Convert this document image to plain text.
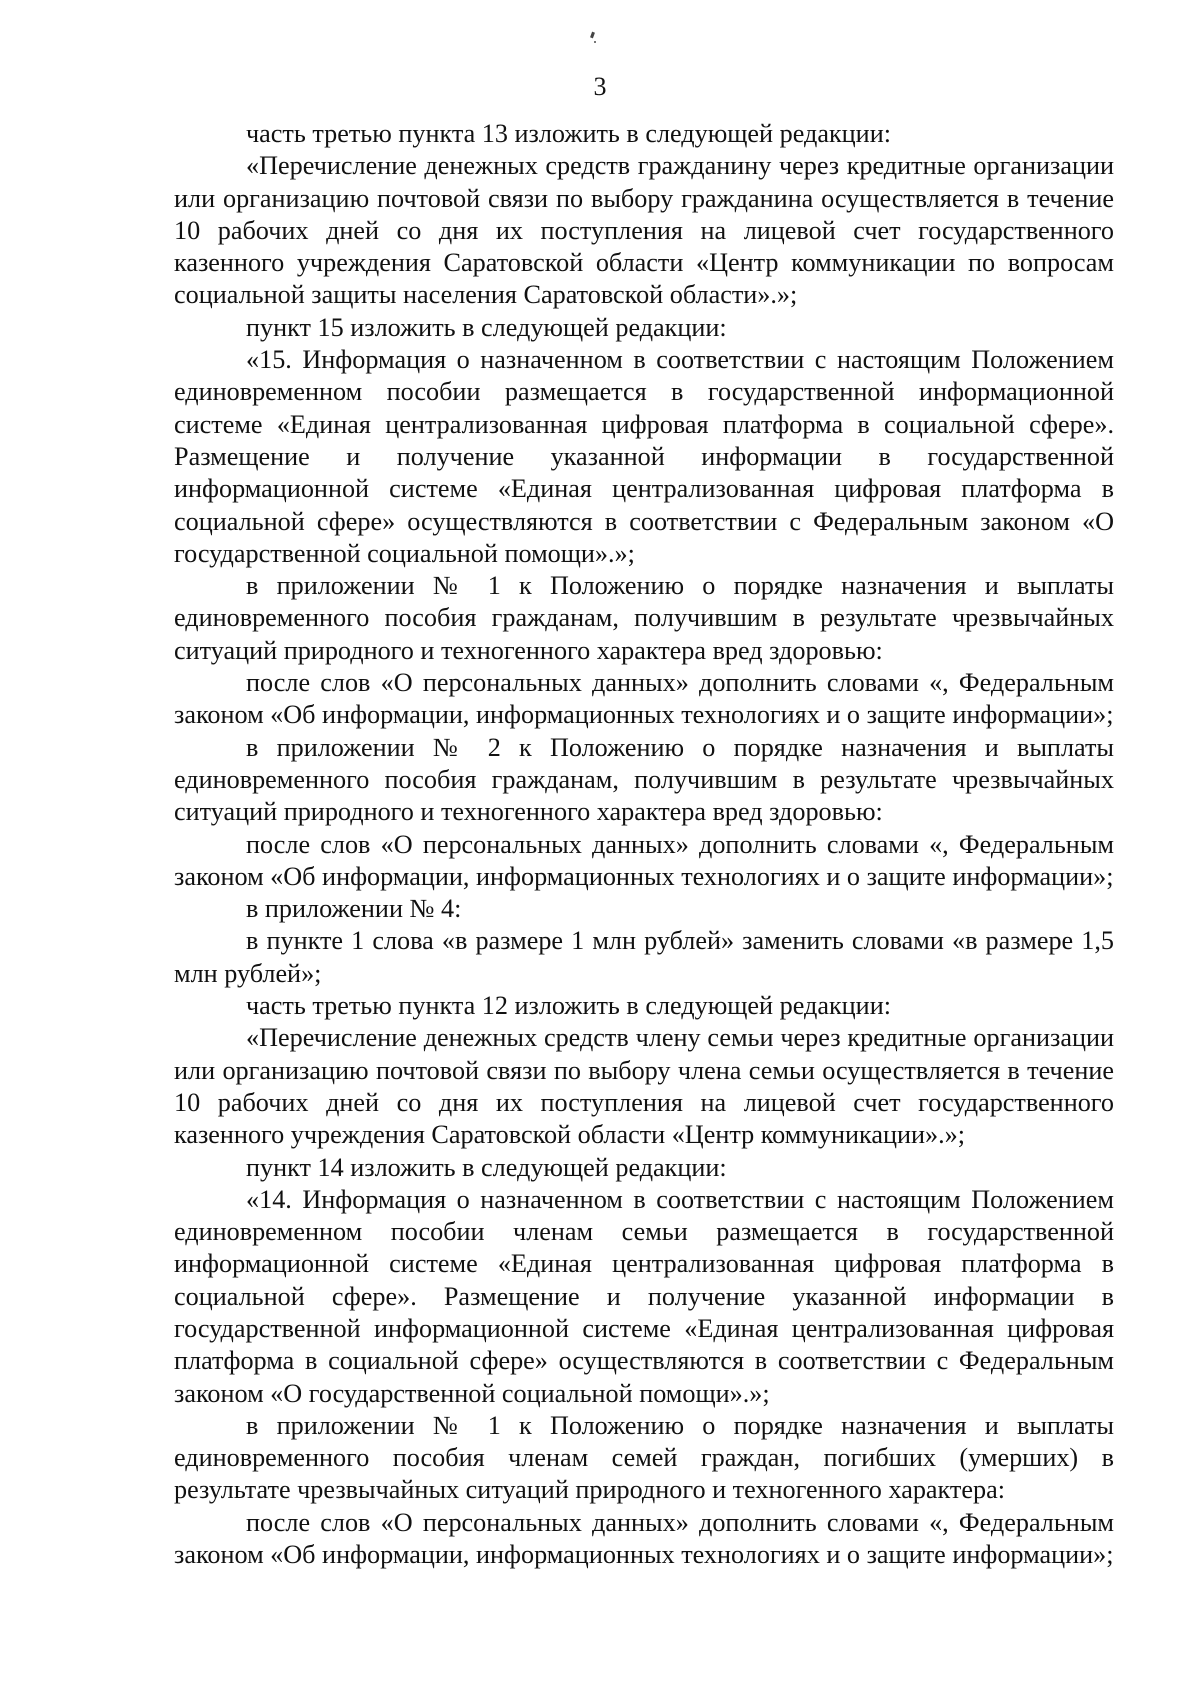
3

часть третью пункта 13 изложить в следующей редакции:

«Перечисление денежных средств гражданину через кредитные организации или организацию почтовой связи по выбору гражданина осуществляется в течение 10 рабочих дней со дня их поступления на лицевой счет государственного казенного учреждения Саратовской области «Центр коммуникации по вопросам социальной защиты населения Саратовской области».»;

пункт 15 изложить в следующей редакции:

«15. Информация о назначенном в соответствии с настоящим Положением единовременном пособии размещается в государственной информационной системе «Единая централизованная цифровая платформа в социальной сфере». Размещение и получение указанной информации в государственной информационной системе «Единая централизованная цифровая платформа в социальной сфере» осуществляются в соответствии с Федеральным законом «О государственной социальной помощи».»;

в приложении № 1 к Положению о порядке назначения и выплаты единовременного пособия гражданам, получившим в результате чрезвычайных ситуаций природного и техногенного характера вред здоровью:

после слов «О персональных данных» дополнить словами «, Федеральным законом «Об информации, информационных технологиях и о защите информации»;

в приложении № 2 к Положению о порядке назначения и выплаты единовременного пособия гражданам, получившим в результате чрезвычайных ситуаций природного и техногенного характера вред здоровью:

после слов «О персональных данных» дополнить словами «, Федеральным законом «Об информации, информационных технологиях и о защите информации»;

в приложении № 4:

в пункте 1 слова «в размере 1 млн рублей» заменить словами «в размере 1,5 млн рублей»;

часть третью пункта 12 изложить в следующей редакции:

«Перечисление денежных средств члену семьи через кредитные организации или организацию почтовой связи по выбору члена семьи осуществляется в течение 10 рабочих дней со дня их поступления на лицевой счет государственного казенного учреждения Саратовской области «Центр коммуникации».»;

пункт 14 изложить в следующей редакции:

«14. Информация о назначенном в соответствии с настоящим Положением единовременном пособии членам семьи размещается в государственной информационной системе «Единая централизованная цифровая платформа в социальной сфере». Размещение и получение указанной информации в государственной информационной системе «Единая централизованная цифровая платформа в социальной сфере» осуществляются в соответствии с Федеральным законом «О государственной социальной помощи».»;

в приложении № 1 к Положению о порядке назначения и выплаты единовременного пособия членам семей граждан, погибших (умерших) в результате чрезвычайных ситуаций природного и техногенного характера:

после слов «О персональных данных» дополнить словами «, Федеральным законом «Об информации, информационных технологиях и о защите информации»;
